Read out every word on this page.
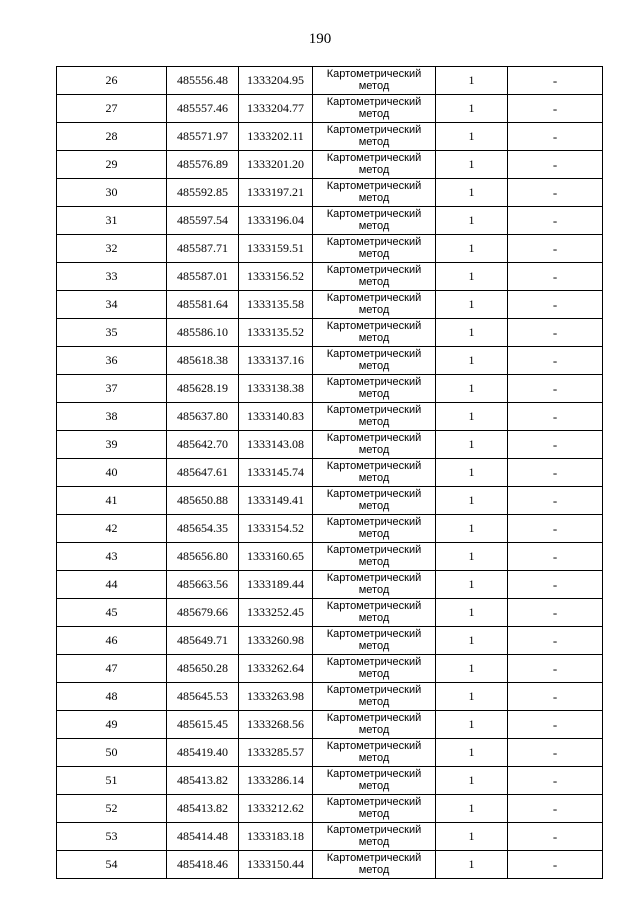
190
26	485556.48	1333204.95	Картометрический
метод	1	-
27	485557.46	1333204.77	Картометрический
метод	1	-
28	485571.97	1333202.11	Картометрический
метод	1	-
29	485576.89	1333201.20	Картометрический
метод	1	-
30	485592.85	1333197.21	Картометрический
метод	1	-
31	485597.54	1333196.04	Картометрический
метод	1	-
32	485587.71	1333159.51	Картометрический
метод	1	-
33	485587.01	1333156.52	Картометрический
метод	1	-
34	485581.64	1333135.58	Картометрический
метод	1	-
35	485586.10	1333135.52	Картометрический
метод	1	-
36	485618.38	1333137.16	Картометрический
метод	1	-
37	485628.19	1333138.38	Картометрический
метод	1	-
38	485637.80	1333140.83	Картометрический
метод	1	-
39	485642.70	1333143.08	Картометрический
метод	1	-
40	485647.61	1333145.74	Картометрический
метод	1	-
41	485650.88	1333149.41	Картометрический
метод	1	-
42	485654.35	1333154.52	Картометрический
метод	1	-
43	485656.80	1333160.65	Картометрический
метод	1	-
44	485663.56	1333189.44	Картометрический
метод	1	-
45	485679.66	1333252.45	Картометрический
метод	1	-
46	485649.71	1333260.98	Картометрический
метод	1	-
47	485650.28	1333262.64	Картометрический
метод	1	-
48	485645.53	1333263.98	Картометрический
метод	1	-
49	485615.45	1333268.56	Картометрический
метод	1	-
50	485419.40	1333285.57	Картометрический
метод	1	-
51	485413.82	1333286.14	Картометрический
метод	1	-
52	485413.82	1333212.62	Картометрический
метод	1	-
53	485414.48	1333183.18	Картометрический
метод	1	-
54	485418.46	1333150.44	Картометрический
метод	1	-
